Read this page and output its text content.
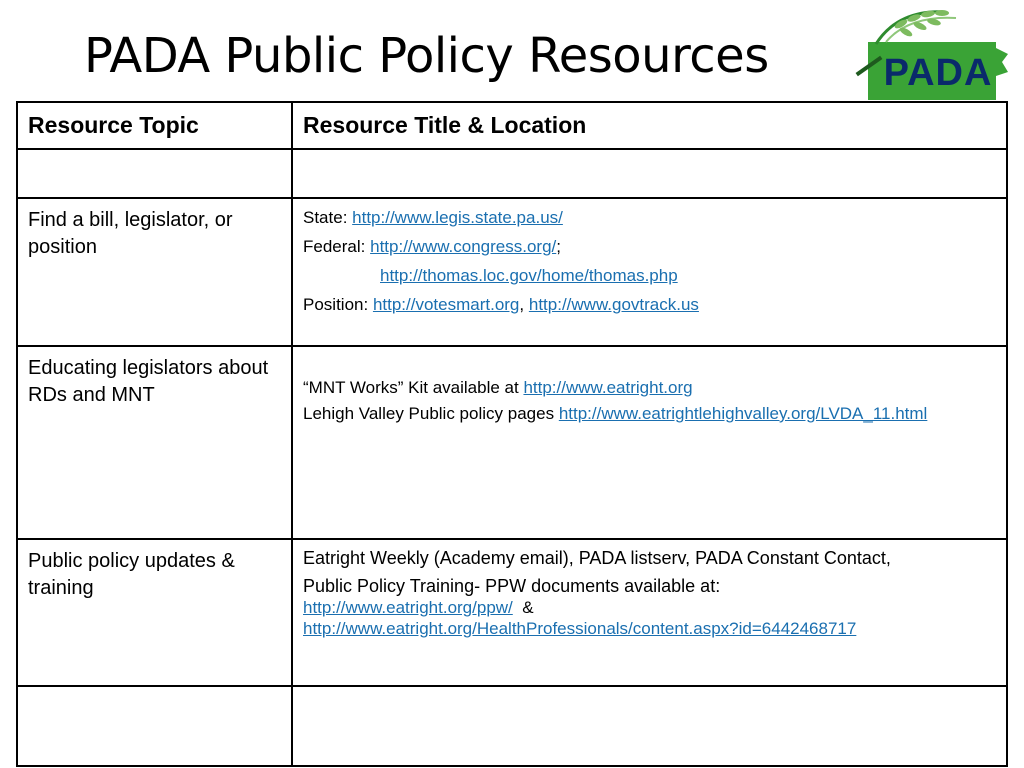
PADA Public Policy Resources	PADA
Resource Topic	Resource Title & Location

Find a bill, legislator, or position	State: http://www.legis.state.pa.us/
Federal: http://www.congress.org/;
http://thomas.loc.gov/home/thomas.php
Position: http://votesmart.org, http://www.govtrack.us

Educating legislators about RDs and MNT	“MNT Works” Kit available at http://www.eatright.org
Lehigh Valley Public policy pages http://www.eatrightlehighvalley.org/LVDA_11.html

Public policy updates & training	Eatright Weekly (Academy email), PADA listserv, PADA Constant Contact,
Public Policy Training- PPW documents available at:
http://www.eatright.org/ppw/ &
http://www.eatright.org/HealthProfessionals/content.aspx?id=6442468717
